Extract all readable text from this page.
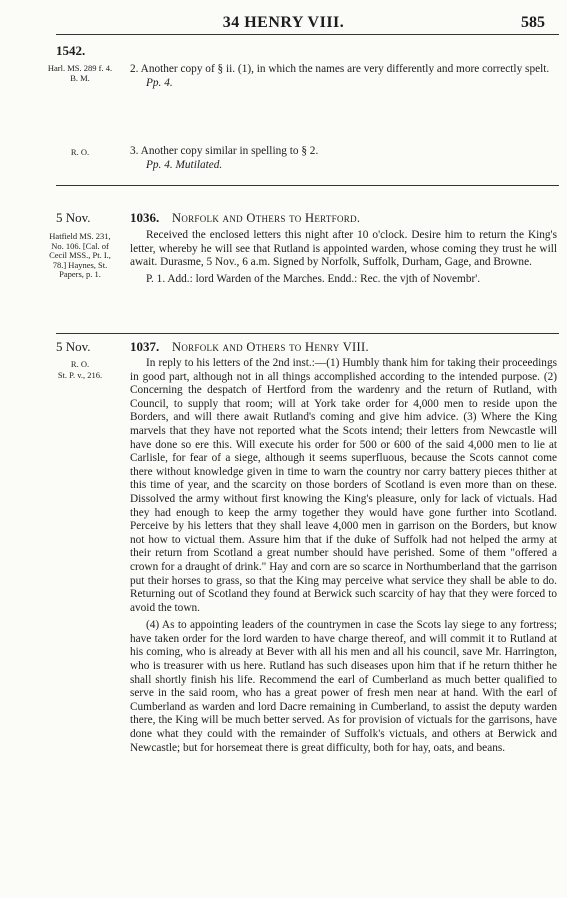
34 HENRY VIII.	585
1542.
Harl. MS. 289 f. 4. B. M.

2. Another copy of § ii. (1), in which the names are very differently and more correctly spelt.

Pp. 4.

R. O.	3. Another copy similar in spelling to § 2.

Pp. 4. Mutilated.

5 Nov.	1036. Norfolk and Others to Hertford.
Hatfield MS. 231, No. 106. [Cal. of Cecil MSS., Pt. I., 78.] Haynes, St. Papers, p. 1.

Received the enclosed letters this night after 10 o'clock. Desire him to return the King's letter, whereby he will see that Rutland is appointed warden, whose coming they trust he will await. Durasme, 5 Nov., 6 a.m. Signed by Norfolk, Suffolk, Durham, Gage, and Browne.

P. 1. Add.: lord Warden of the Marches. Endd.: Rec. the vjth of Novembr'.

5 Nov.	1037. Norfolk and Others to Henry VIII.
R. O.
St. P. v., 216.

In reply to his letters of the 2nd inst.:—(1) Humbly thank him for taking their proceedings in good part, although not in all things accomplished according to the intended purpose. (2) Concerning the despatch of Hertford from the wardenry and the return of Rutland, with Council, to supply that room; will at York take order for 4,000 men to reside upon the Borders, and will there await Rutland's coming and give him advice. (3) Where the King marvels that they have not reported what the Scots intend; their letters from Newcastle will have done so ere this. Will execute his order for 500 or 600 of the said 4,000 men to lie at Carlisle, for fear of a siege, although it seems superfluous, because the Scots cannot come there without knowledge given in time to warn the country nor carry battery pieces thither at this time of year, and the scarcity on those borders of Scotland is even more than on these. Dissolved the army without first knowing the King's pleasure, only for lack of victuals. Had they had enough to keep the army together they would have gone further into Scotland. Perceive by his letters that they shall leave 4,000 men in garrison on the Borders, but know not how to victual them. Assure him that if the duke of Suffolk had not helped the army at their return from Scotland a great number should have perished. Some of them "offered a crown for a draught of drink." Hay and corn are so scarce in Northumberland that the garrison put their horses to grass, so that the King may perceive what service they shall be able to do. Returning out of Scotland they found at Berwick such scarcity of hay that they were forced to avoid the town.

(4) As to appointing leaders of the countrymen in case the Scots lay siege to any fortress; have taken order for the lord warden to have charge thereof, and will commit it to Rutland at his coming, who is already at Bever with all his men and all his council, save Mr. Harrington, who is treasurer with us here. Rutland has such diseases upon him that if he return thither he shall shortly finish his life. Recommend the earl of Cumberland as much better qualified to serve in the said room, who has a great power of fresh men near at hand. With the earl of Cumberland as warden and lord Dacre remaining in Cumberland, to assist the deputy warden there, the King will be much better served. As for provision of victuals for the garrisons, have done what they could with the remainder of Suffolk's victuals, and others at Berwick and Newcastle; but for horsemeat there is great difficulty, both for hay, oats, and beans.
